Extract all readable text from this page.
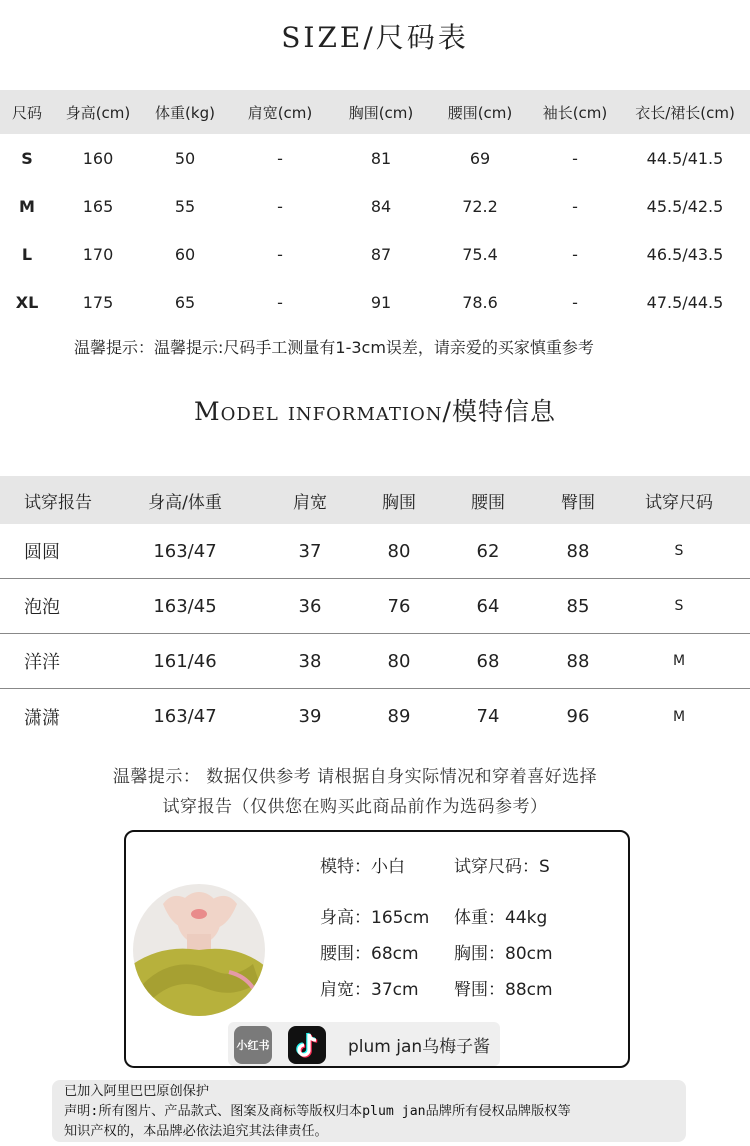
SIZE/尺码表
尺码	身高(cm)	体重(kg)	肩宽(cm)	胸围(cm)	腰围(cm)	袖长(cm)	衣长/裙长(cm)
S	160	50	-	81	69	-	44.5/41.5
M	165	55	-	84	72.2	-	45.5/42.5
L	170	60	-	87	75.4	-	46.5/43.5
XL	175	65	-	91	78.6	-	47.5/44.5
温馨提示：温馨提示:尺码手工测量有1-3cm误差，请亲爱的买家慎重参考
Model information/模特信息
试穿报告	身高/体重	肩宽	胸围	腰围	臀围	试穿尺码
圆圆	163/47	37	80	62	88	S
泡泡	163/45	36	76	64	85	S
洋洋	161/46	38	80	68	88	M
潇潇	163/47	39	89	74	96	M
温馨提示： 数据仅供参考 请根据自身实际情况和穿着喜好选择
试穿报告（仅供您在购买此商品前作为选码参考）
模特：小白	试穿尺码：S
身高：165cm 体重：44kg
腰围：68cm 胸围：80cm
肩宽：37cm 臀围：88cm
小红书	plum jan乌梅子酱
已加入阿里巴巴原创保护
声明:所有图片、产品款式、图案及商标等版权归本plum jan品牌所有侵权品牌版权等
知识产权的，本品牌必依法追究其法律责任。
